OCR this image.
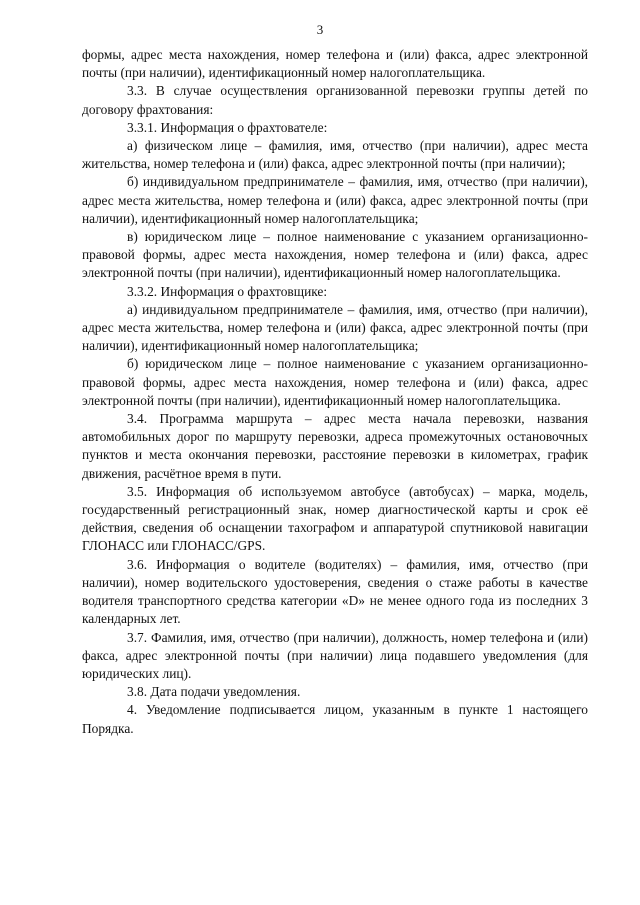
3

формы, адрес места нахождения, номер телефона и (или) факса, адрес электронной почты (при наличии), идентификационный номер налогоплательщика.

3.3. В случае осуществления организованной перевозки группы детей по договору фрахтования:

3.3.1. Информация о фрахтователе:

а) физическом лице – фамилия, имя, отчество (при наличии), адрес места жительства, номер телефона и (или) факса, адрес электронной почты (при наличии);

б) индивидуальном предпринимателе – фамилия, имя, отчество (при наличии), адрес места жительства, номер телефона и (или) факса, адрес электронной почты (при наличии), идентификационный номер налогоплательщика;

в) юридическом лице – полное наименование с указанием организационно-правовой формы, адрес места нахождения, номер телефона и (или) факса, адрес электронной почты (при наличии), идентификационный номер налогоплательщика.

3.3.2. Информация о фрахтовщике:

а) индивидуальном предпринимателе – фамилия, имя, отчество (при наличии), адрес места жительства, номер телефона и (или) факса, адрес электронной почты (при наличии), идентификационный номер налогоплательщика;

б) юридическом лице – полное наименование с указанием организационно-правовой формы, адрес места нахождения, номер телефона и (или) факса, адрес электронной почты (при наличии), идентификационный номер налогоплательщика.

3.4. Программа маршрута – адрес места начала перевозки, названия автомобильных дорог по маршруту перевозки, адреса промежуточных остановочных пунктов и места окончания перевозки, расстояние перевозки в километрах, график движения, расчётное время в пути.

3.5. Информация об используемом автобусе (автобусах) – марка, модель, государственный регистрационный знак, номер диагностической карты и срок её действия, сведения об оснащении тахографом и аппаратурой спутниковой навигации ГЛОНАСС или ГЛОНАСС/GPS.

3.6. Информация о водителе (водителях) – фамилия, имя, отчество (при наличии), номер водительского удостоверения, сведения о стаже работы в качестве водителя транспортного средства категории «D» не менее одного года из последних 3 календарных лет.

3.7. Фамилия, имя, отчество (при наличии), должность, номер телефона и (или) факса, адрес электронной почты (при наличии) лица подавшего уведомления (для юридических лиц).

3.8. Дата подачи уведомления.

4. Уведомление подписывается лицом, указанным в пункте 1 настоящего Порядка.
